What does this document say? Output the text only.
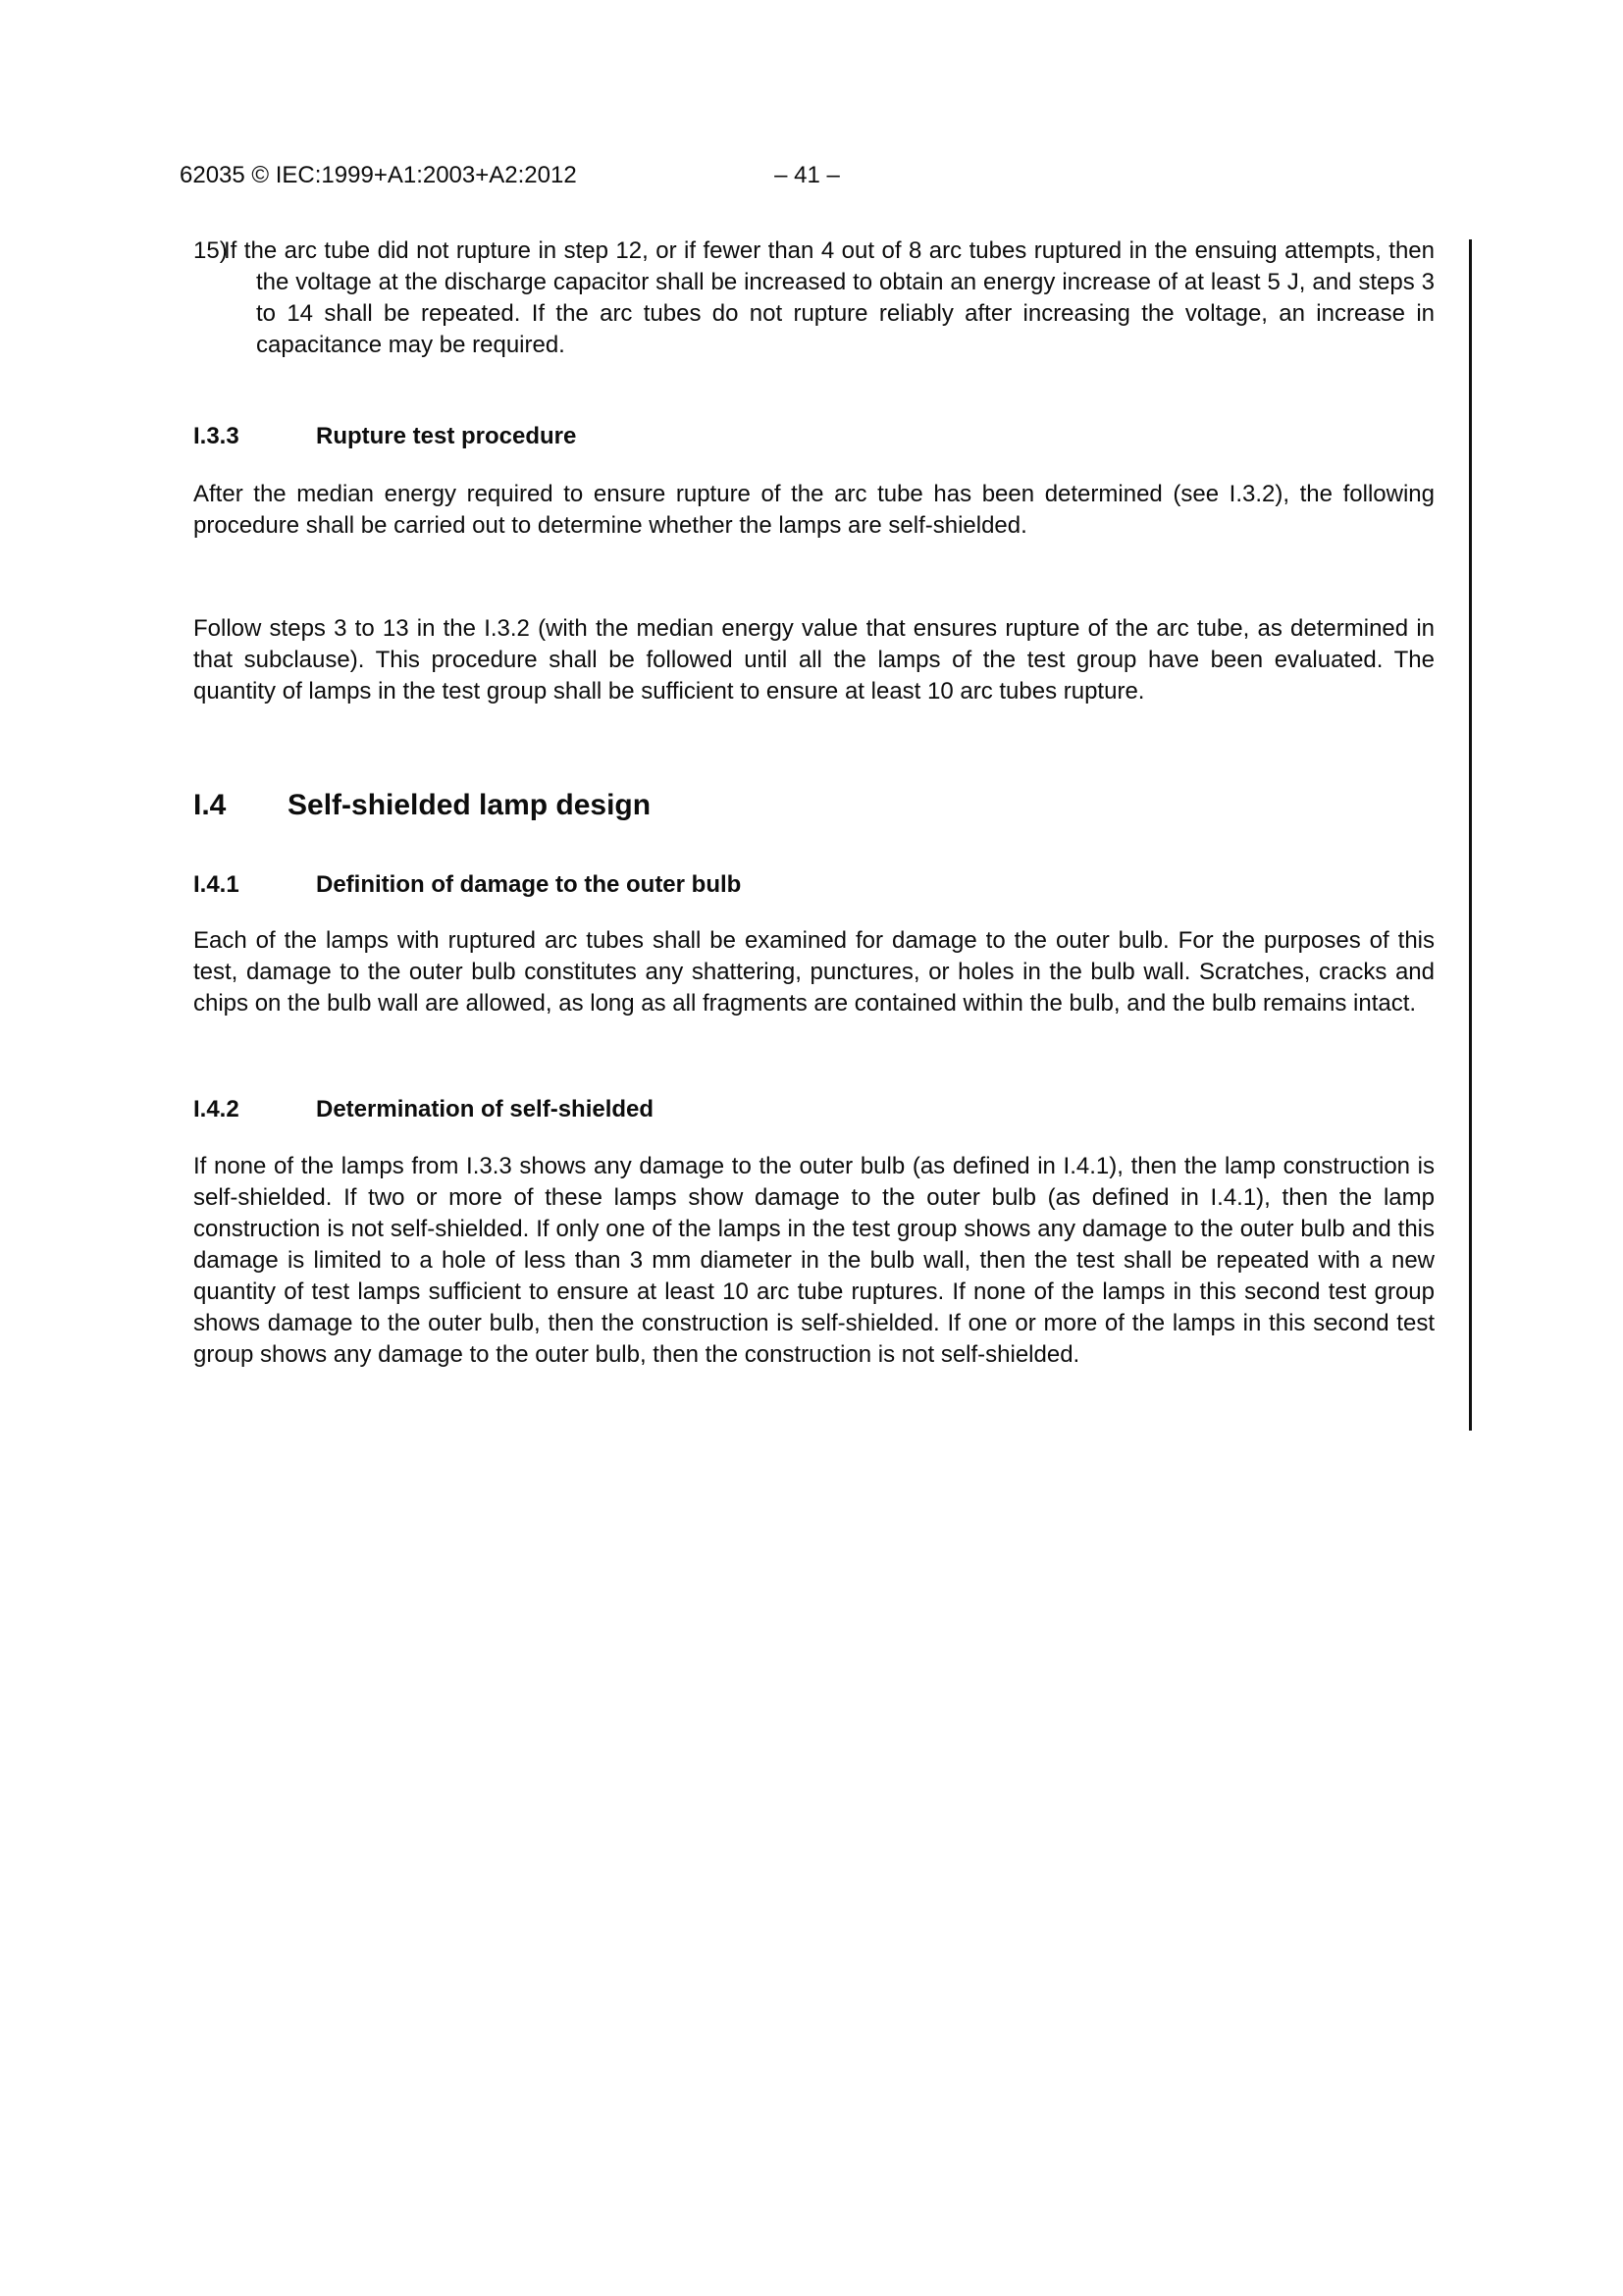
62035 © IEC:1999+A1:2003+A2:2012	– 41 –
15)
If the arc tube did not rupture in step 12, or if fewer than 4 out of 8 arc tubes ruptured in the ensuing attempts, then the voltage at the discharge capacitor shall be increased to obtain an energy increase of at least 5 J, and steps 3 to 14 shall be repeated. If the arc tubes do not rupture reliably after increasing the voltage, an increase in capacitance may be required.
I.3.3	Rupture test procedure
After the median energy required to ensure rupture of the arc tube has been determined (see I.3.2), the following procedure shall be carried out to determine whether the lamps are self-shielded.
Follow steps 3 to 13 in the I.3.2 (with the median energy value that ensures rupture of the arc tube, as determined in that subclause). This procedure shall be followed until all the lamps of the test group have been evaluated. The quantity of lamps in the test group shall be sufficient to ensure at least 10 arc tubes rupture.
I.4 Self-shielded lamp design
I.4.1	Definition of damage to the outer bulb
Each of the lamps with ruptured arc tubes shall be examined for damage to the outer bulb. For the purposes of this test, damage to the outer bulb constitutes any shattering, punctures, or holes in the bulb wall. Scratches, cracks and chips on the bulb wall are allowed, as long as all fragments are contained within the bulb, and the bulb remains intact.
I.4.2	Determination of self-shielded
If none of the lamps from I.3.3 shows any damage to the outer bulb (as defined in I.4.1), then the lamp construction is self-shielded. If two or more of these lamps show damage to the outer bulb (as defined in I.4.1), then the lamp construction is not self-shielded. If only one of the lamps in the test group shows any damage to the outer bulb and this damage is limited to a hole of less than 3 mm diameter in the bulb wall, then the test shall be repeated with a new quantity of test lamps sufficient to ensure at least 10 arc tube ruptures. If none of the lamps in this second test group shows damage to the outer bulb, then the construction is self-shielded. If one or more of the lamps in this second test group shows any damage to the outer bulb, then the construction is not self-shielded.
